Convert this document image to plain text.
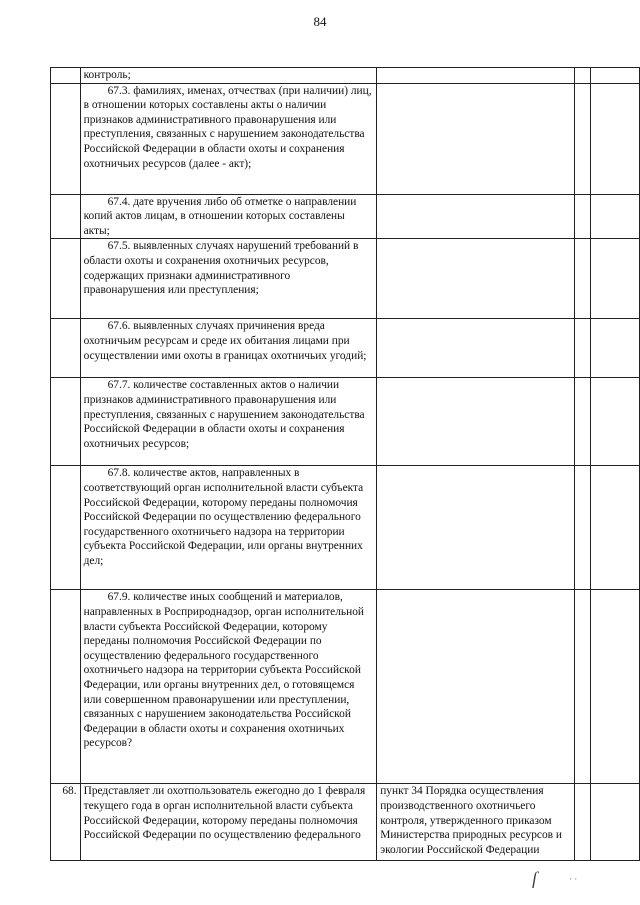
84
	контроль;			
	67.3. фамилиях, именах, отчествах (при наличии) лиц, в отношении которых составлены акты о наличии признаков административного правонарушения или преступления, связанных с нарушением законодательства Российской Федерации в области охоты и сохранения охотничьих ресурсов (далее - акт);			
	67.4. дате вручения либо об отметке о направлении копий актов лицам, в отношении которых составлены акты;			
	67.5. выявленных случаях нарушений требований в области охоты и сохранения охотничьих ресурсов, содержащих признаки административного правонарушения или преступления;			
	67.6. выявленных случаях причинения вреда охотничьим ресурсам и среде их обитания лицами при осуществлении ими охоты в границах охотничьих угодий;			
	67.7. количестве составленных актов о наличии признаков административного правонарушения или преступления, связанных с нарушением законодательства Российской Федерации в области охоты и сохранения охотничьих ресурсов;			
	67.8. количестве актов, направленных в соответствующий орган исполнительной власти субъекта Российской Федерации, которому переданы полномочия Российской Федерации по осуществлению федерального государственного охотничьего надзора на территории субъекта Российской Федерации, или органы внутренних дел;			
	67.9. количестве иных сообщений и материалов, направленных в Росприроднадзор, орган исполнительной власти субъекта Российской Федерации, которому переданы полномочия Российской Федерации по осуществлению федерального государственного охотничьего надзора на территории субъекта Российской Федерации, или органы внутренних дел, о готовящемся или совершенном правонарушении или преступлении, связанных с нарушением законодательства Российской Федерации в области охоты и сохранения охотничьих ресурсов?			
68.	Представляет ли охотпользователь ежегодно до 1 февраля текущего года в орган исполнительной власти субъекта Российской Федерации, которому переданы полномочия Российской Федерации по осуществлению федерального	пункт 34 Порядка осуществления производственного охотничьего контроля, утвержденного приказом Министерства природных ресурсов и экологии Российской Федерации		
ſ	· ·
